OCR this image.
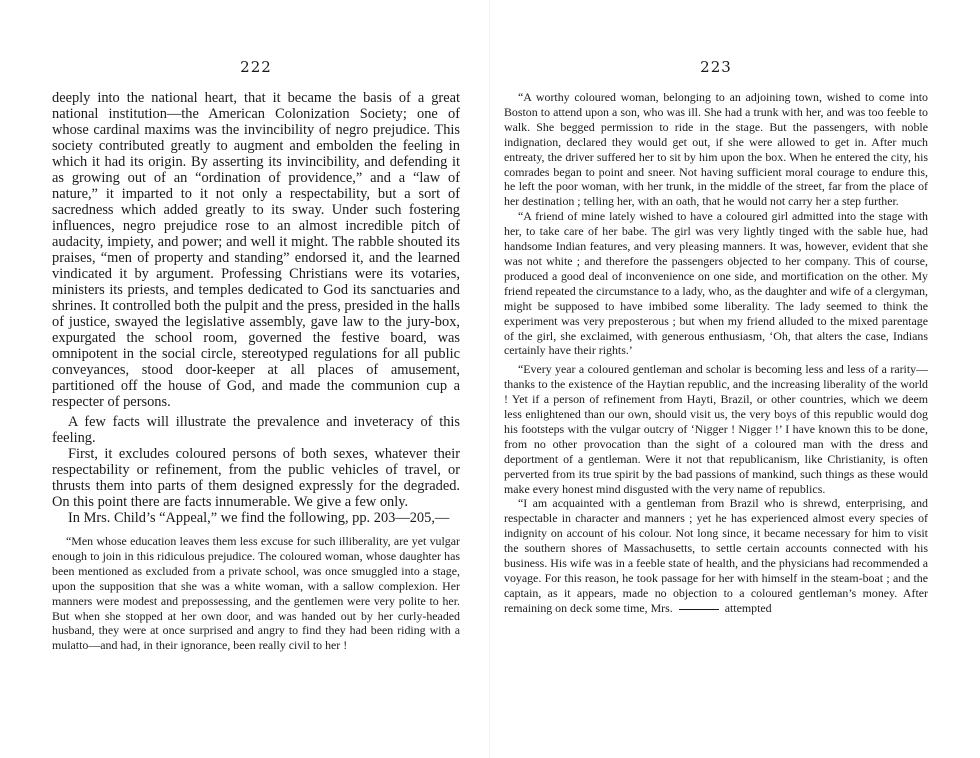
222

deeply into the national heart, that it became the basis of a great national institution—the American Colonization Society; one of whose cardinal maxims was the invincibility of negro prejudice. This society contributed greatly to augment and embolden the feeling in which it had its origin. By asserting its invincibility, and defending it as growing out of an “ordination of providence,” and a “law of nature,” it imparted to it not only a respectability, but a sort of sacredness which added greatly to its sway. Under such fostering influences, negro prejudice rose to an almost incredible pitch of audacity, impiety, and power; and well it might. The rabble shouted its praises, “men of property and standing” endorsed it, and the learned vindicated it by argument. Professing Christians were its votaries, ministers its priests, and temples dedicated to God its sanctuaries and shrines. It controlled both the pulpit and the press, presided in the halls of justice, swayed the legislative assembly, gave law to the jury-box, expurgated the school room, governed the festive board, was omnipotent in the social circle, stereotyped regulations for all public conveyances, stood door-keeper at all places of amusement, partitioned off the house of God, and made the communion cup a respecter of persons.

A few facts will illustrate the prevalence and inveteracy of this feeling.

First, it excludes coloured persons of both sexes, whatever their respectability or refinement, from the public vehicles of travel, or thrusts them into parts of them designed expressly for the degraded. On this point there are facts innumerable. We give a few only.

In Mrs. Child’s “Appeal,” we find the following, pp. 203—205,—

“Men whose education leaves them less excuse for such illiberality, are yet vulgar enough to join in this ridiculous prejudice. The coloured woman, whose daughter has been mentioned as excluded from a private school, was once smuggled into a stage, upon the supposition that she was a white woman, with a sallow complexion. Her manners were modest and prepossessing, and the gentlemen were very polite to her. But when she stopped at her own door, and was handed out by her curly-headed husband, they were at once surprised and angry to find they had been riding with a mulatto—and had, in their ignorance, been really civil to her !

223

“A worthy coloured woman, belonging to an adjoining town, wished to come into Boston to attend upon a son, who was ill. She had a trunk with her, and was too feeble to walk. She begged permission to ride in the stage. But the passengers, with noble indignation, declared they would get out, if she were allowed to get in. After much entreaty, the driver suffered her to sit by him upon the box. When he entered the city, his comrades began to point and sneer. Not having sufficient moral courage to endure this, he left the poor woman, with her trunk, in the middle of the street, far from the place of her destination ; telling her, with an oath, that he would not carry her a step further.

“A friend of mine lately wished to have a coloured girl admitted into the stage with her, to take care of her babe. The girl was very lightly tinged with the sable hue, had handsome Indian features, and very pleasing manners. It was, however, evident that she was not white ; and therefore the passengers objected to her company. This of course, produced a good deal of inconvenience on one side, and mortification on the other. My friend repeated the circumstance to a lady, who, as the daughter and wife of a clergyman, might be supposed to have imbibed some liberality. The lady seemed to think the experiment was very preposterous ; but when my friend alluded to the mixed parentage of the girl, she exclaimed, with generous enthusiasm, ‘Oh, that alters the case, Indians certainly have their rights.’

“Every year a coloured gentleman and scholar is becoming less and less of a rarity—thanks to the existence of the Haytian republic, and the increasing liberality of the world ! Yet if a person of refinement from Hayti, Brazil, or other countries, which we deem less enlightened than our own, should visit us, the very boys of this republic would dog his footsteps with the vulgar outcry of ‘Nigger ! Nigger !’ I have known this to be done, from no other provocation than the sight of a coloured man with the dress and deportment of a gentleman. Were it not that republicanism, like Christianity, is often perverted from its true spirit by the bad passions of mankind, such things as these would make every honest mind disgusted with the very name of republics.

“I am acquainted with a gentleman from Brazil who is shrewd, enterprising, and respectable in character and manners ; yet he has experienced almost every species of indignity on account of his colour. Not long since, it became necessary for him to visit the southern shores of Massachusetts, to settle certain accounts connected with his business. His wife was in a feeble state of health, and the physicians had recommended a voyage. For this reason, he took passage for her with himself in the steam-boat ; and the captain, as it appears, made no objection to a coloured gentleman’s money. After remaining on deck some time, Mrs.	attempted
